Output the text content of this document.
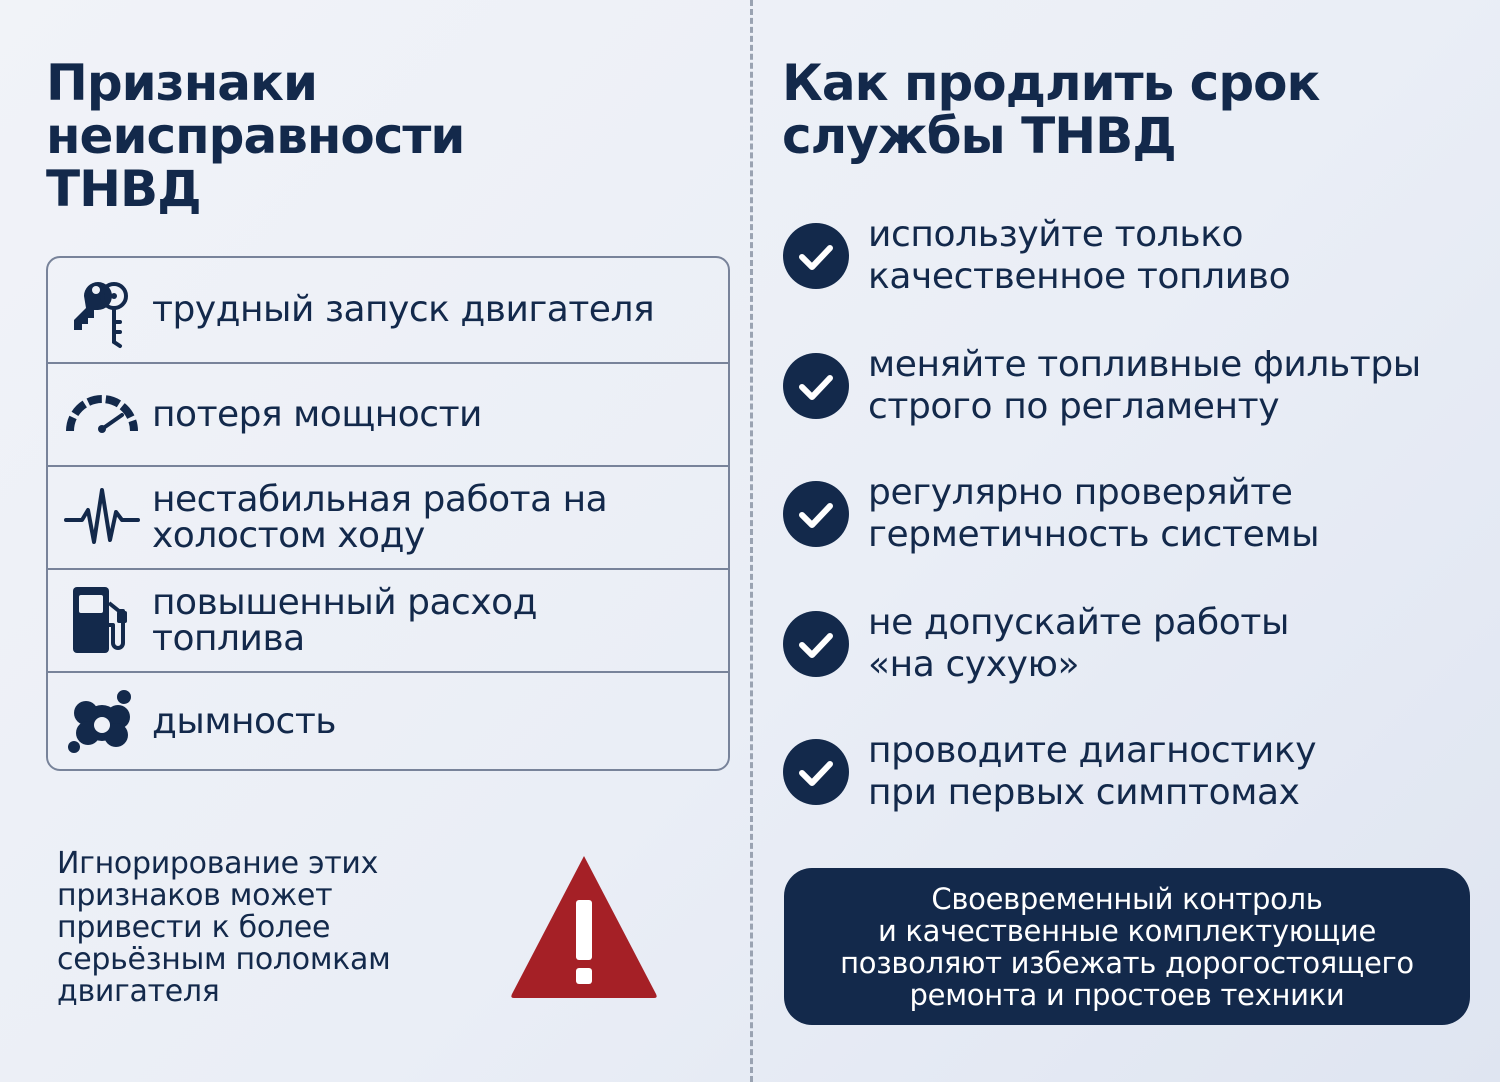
Признаки
неисправности
ТНВД
Как продлить срок
службы ТНВД
трудный запуск двигателя
потеря мощности
нестабильная работа на
холостом ходу
повышенный расход
топлива
дымность
Игнорирование этих
признаков может
привести к более
серьёзным поломкам
двигателя
используйте только
качественное топливо
меняйте топливные фильтры
строго по регламенту
регулярно проверяйте
герметичность системы
не допускайте работы
«на сухую»
проводите диагностику
при первых симптомах
Своевременный контроль
и качественные комплектующие
позволяют избежать дорогостоящего
ремонта и простоев техники
